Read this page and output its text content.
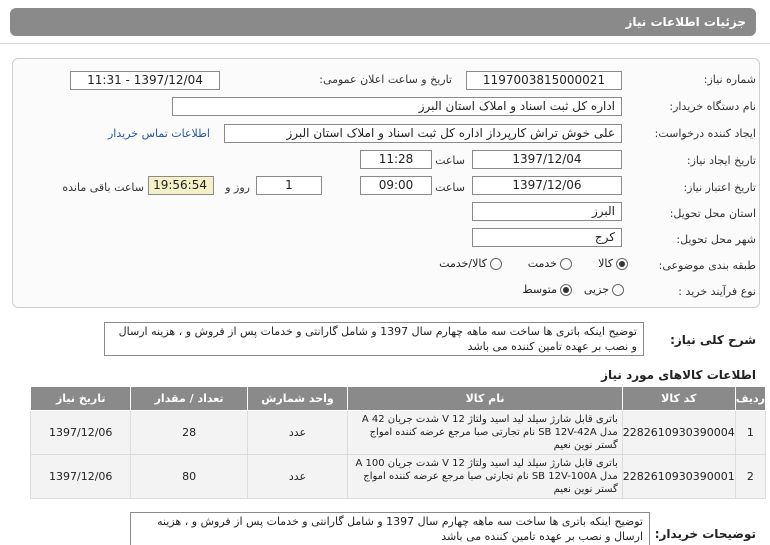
جزئیات اطلاعات نیاز
شماره نیاز:
1197003815000021
تاریخ و ساعت اعلان عمومی:
1397/12/04 - 11:31
نام دستگاه خریدار:
اداره کل ثبت اسناد و املاک استان البرز
ایجاد کننده درخواست:
علی خوش تراش کارپرداز اداره کل ثبت اسناد و املاک استان البرز
اطلاعات تماس خریدار
تاریخ ایجاد نیاز:
1397/12/04
ساعت
11:28
تاریخ اعتبار نیاز:
1397/12/06
ساعت
09:00
1
روز و
19:56:54
ساعت باقی مانده
استان محل تحویل:
البرز
شهر محل تحویل:
کرج
طبقه بندی موضوعی:
کالا
خدمت
کالا/خدمت
نوع فرآیند خرید :
جزیی
متوسط
شرح کلی نیاز:
توضیح اینکه باتری ها ساخت سه ماهه چهارم سال 1397 و شامل گارانتی و خدمات پس از فروش و ، هزینه ارسال و نصب بر عهده تامین کننده می باشد
اطلاعات کالاهای مورد نیاز
ردیف	کد کالا	نام کالا	واحد شمارش	تعداد / مقدار	تاریخ نیاز
1	2282610930390004	باتری قابل شارژ سیلد لید اسید ولتاژ 12 V شدت جریان 42 A مدل SB 12V-42A نام تجارتی صبا مرجع عرضه کننده امواج گستر نوین نعیم	عدد	28	1397/12/06
2	2282610930390001	باتری قابل شارژ سیلد لید اسید ولتاژ 12 V شدت جریان 100 A مدل SB 12V-100A نام تجارتی صبا مرجع عرضه کننده امواج گستر نوین نعیم	عدد	80	1397/12/06
توضیحات خریدار:
توضیح اینکه باتری ها ساخت سه ماهه چهارم سال 1397 و شامل گارانتی و خدمات پس از فروش و ، هزینه ارسال و نصب بر عهده تامین کننده می باشد
